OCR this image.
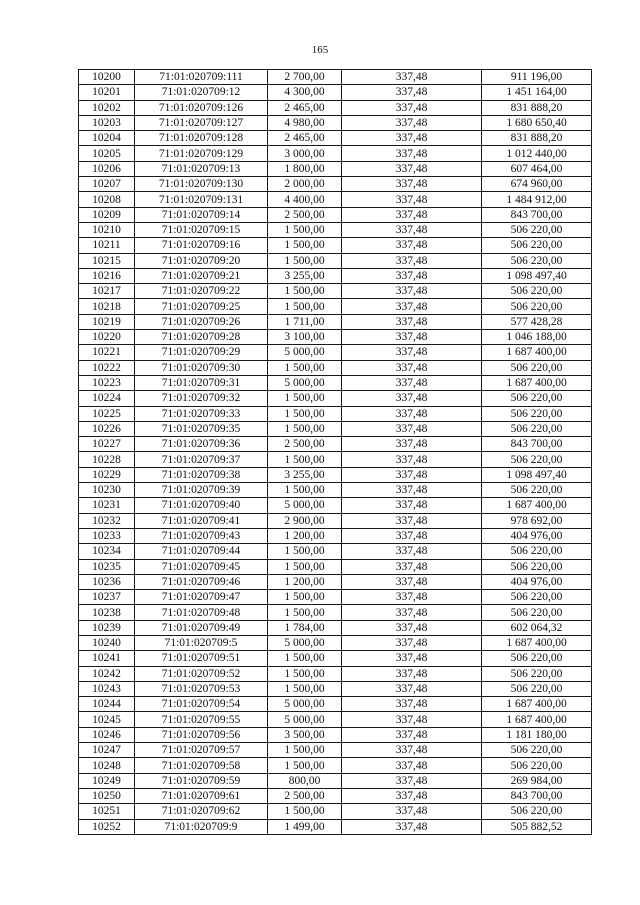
165
10200	71:01:020709:111	2 700,00	337,48	911 196,00
10201	71:01:020709:12	4 300,00	337,48	1 451 164,00
10202	71:01:020709:126	2 465,00	337,48	831 888,20
10203	71:01:020709:127	4 980,00	337,48	1 680 650,40
10204	71:01:020709:128	2 465,00	337,48	831 888,20
10205	71:01:020709:129	3 000,00	337,48	1 012 440,00
10206	71:01:020709:13	1 800,00	337,48	607 464,00
10207	71:01:020709:130	2 000,00	337,48	674 960,00
10208	71:01:020709:131	4 400,00	337,48	1 484 912,00
10209	71:01:020709:14	2 500,00	337,48	843 700,00
10210	71:01:020709:15	1 500,00	337,48	506 220,00
10211	71:01:020709:16	1 500,00	337,48	506 220,00
10215	71:01:020709:20	1 500,00	337,48	506 220,00
10216	71:01:020709:21	3 255,00	337,48	1 098 497,40
10217	71:01:020709:22	1 500,00	337,48	506 220,00
10218	71:01:020709:25	1 500,00	337,48	506 220,00
10219	71:01:020709:26	1 711,00	337,48	577 428,28
10220	71:01:020709:28	3 100,00	337,48	1 046 188,00
10221	71:01:020709:29	5 000,00	337,48	1 687 400,00
10222	71:01:020709:30	1 500,00	337,48	506 220,00
10223	71:01:020709:31	5 000,00	337,48	1 687 400,00
10224	71:01:020709:32	1 500,00	337,48	506 220,00
10225	71:01:020709:33	1 500,00	337,48	506 220,00
10226	71:01:020709:35	1 500,00	337,48	506 220,00
10227	71:01:020709:36	2 500,00	337,48	843 700,00
10228	71:01:020709:37	1 500,00	337,48	506 220,00
10229	71:01:020709:38	3 255,00	337,48	1 098 497,40
10230	71:01:020709:39	1 500,00	337,48	506 220,00
10231	71:01:020709:40	5 000,00	337,48	1 687 400,00
10232	71:01:020709:41	2 900,00	337,48	978 692,00
10233	71:01:020709:43	1 200,00	337,48	404 976,00
10234	71:01:020709:44	1 500,00	337,48	506 220,00
10235	71:01:020709:45	1 500,00	337,48	506 220,00
10236	71:01:020709:46	1 200,00	337,48	404 976,00
10237	71:01:020709:47	1 500,00	337,48	506 220,00
10238	71:01:020709:48	1 500,00	337,48	506 220,00
10239	71:01:020709:49	1 784,00	337,48	602 064,32
10240	71:01:020709:5	5 000,00	337,48	1 687 400,00
10241	71:01:020709:51	1 500,00	337,48	506 220,00
10242	71:01:020709:52	1 500,00	337,48	506 220,00
10243	71:01:020709:53	1 500,00	337,48	506 220,00
10244	71:01:020709:54	5 000,00	337,48	1 687 400,00
10245	71:01:020709:55	5 000,00	337,48	1 687 400,00
10246	71:01:020709:56	3 500,00	337,48	1 181 180,00
10247	71:01:020709:57	1 500,00	337,48	506 220,00
10248	71:01:020709:58	1 500,00	337,48	506 220,00
10249	71:01:020709:59	800,00	337,48	269 984,00
10250	71:01:020709:61	2 500,00	337,48	843 700,00
10251	71:01:020709:62	1 500,00	337,48	506 220,00
10252	71:01:020709:9	1 499,00	337,48	505 882,52
